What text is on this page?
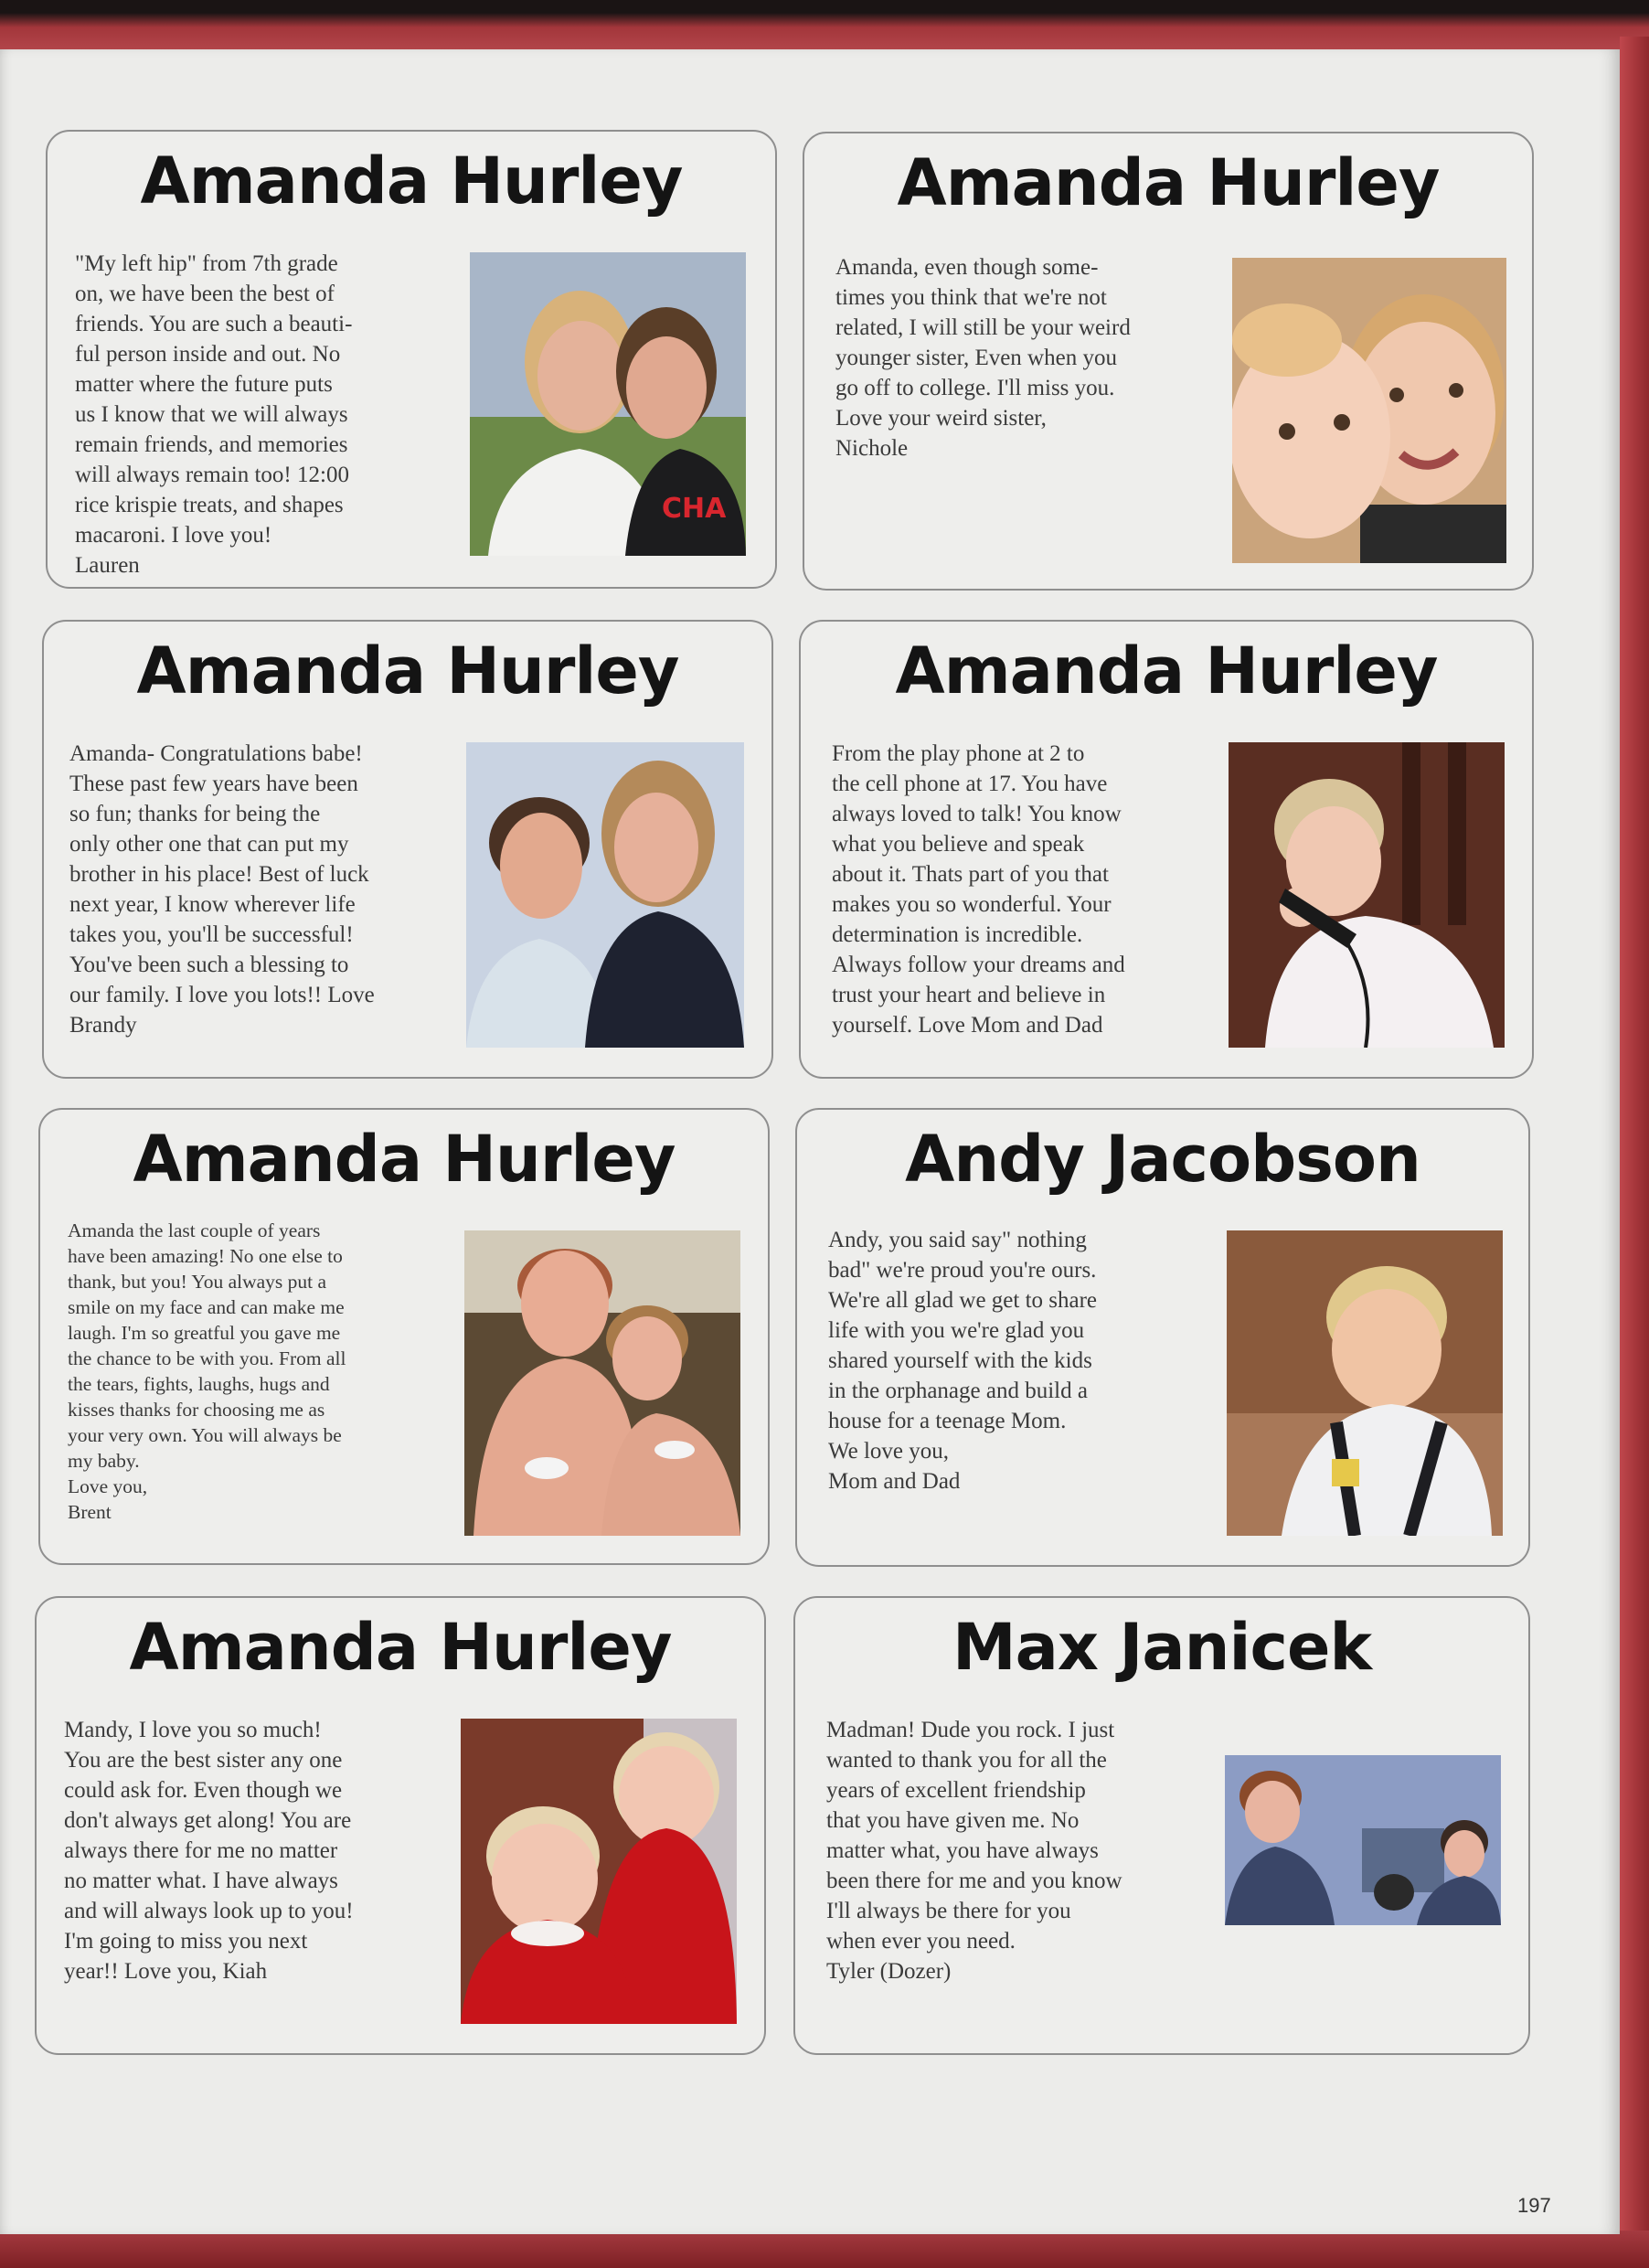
Amanda Hurley

"My left hip" from 7th grade
on, we have been the best of
friends. You are such a beauti-
ful person inside and out. No
matter where the future puts
us I know that we will always
remain friends, and memories
will always remain too! 12:00
rice krispie treats, and shapes
macaroni. I love you!
Lauren

CHA
Amanda Hurley

Amanda, even though some-
times you think that we're not
related, I will still be your weird
younger sister, Even when you
go off to college. I'll miss you.
Love your weird sister,
Nichole

Amanda Hurley

Amanda- Congratulations babe!
These past few years have been
so fun; thanks for being the
only other one that can put my
brother in his place! Best of luck
next year, I know wherever life
takes you, you'll be successful!
You've been such a blessing to
our family. I love you lots!! Love
Brandy

Amanda Hurley

From the play phone at 2 to
the cell phone at 17. You have
always loved to talk! You know
what you believe and speak
about it. Thats part of you that
makes you so wonderful. Your
determination is incredible.
Always follow your dreams and
trust your heart and believe in
yourself. Love Mom and Dad

Amanda Hurley

Amanda the last couple of years
have been amazing! No one else to
thank, but you! You always put a
smile on my face and can make me
laugh. I'm so greatful you gave me
the chance to be with you. From all
the tears, fights, laughs, hugs and
kisses thanks for choosing me as
your very own. You will always be
my baby.
Love you,
Brent

Andy Jacobson

Andy, you said say" nothing
bad" we're proud you're ours.
We're all glad we get to share
life with you we're glad you
shared yourself with the kids
in the orphanage and build a
house for a teenage Mom.
We love you,
Mom and Dad

Amanda Hurley

Mandy, I love you so much!
You are the best sister any one
could ask for. Even though we
don't always get along! You are
always there for me no matter
no matter what. I have always
and will always look up to you!
I'm going to miss you next
year!! Love you, Kiah

Max Janicek

Madman! Dude you rock. I just
wanted to thank you for all the
years of excellent friendship
that you have given me. No
matter what, you have always
been there for me and you know
I'll always be there for you
when ever you need.
Tyler (Dozer)

197
